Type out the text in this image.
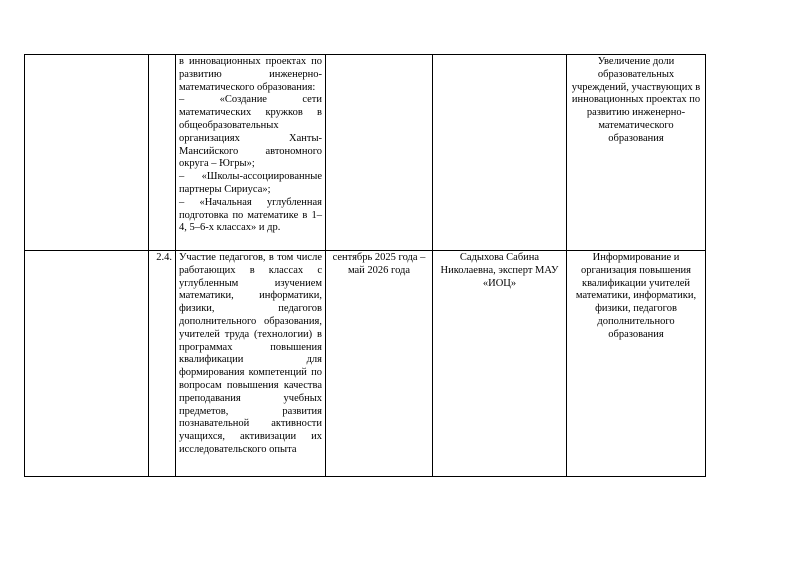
		в инновационных проектах по развитию инженерно-математического образования:
– «Создание сети математических кружков в общеобразовательных организациях Ханты-Мансийского автономного округа – Югры»;
– «Школы-ассоциированные партнеры Сириуса»;
– «Начальная углубленная подготовка по математике в 1–4, 5–6-х классах» и др.			Увеличение доли образовательных учреждений, участвующих в инновационных проектах по развитию инженерно-математического образования
	2.4.	Участие педагогов, в том числе работающих в классах с углубленным изучением математики, информатики, физики, педагогов дополнительного образования, учителей труда (технологии) в программах повышения квалификации для формирования компетенций по вопросам повышения качества преподавания учебных предметов, развития познавательной активности учащихся, активизации их исследовательского опыта	сентябрь 2025 года – май 2026 года	Садыхова Сабина Николаевна, эксперт МАУ «ИОЦ»	Информирование и организация повышения квалификации учителей математики, информатики, физики, педагогов дополнительного образования
